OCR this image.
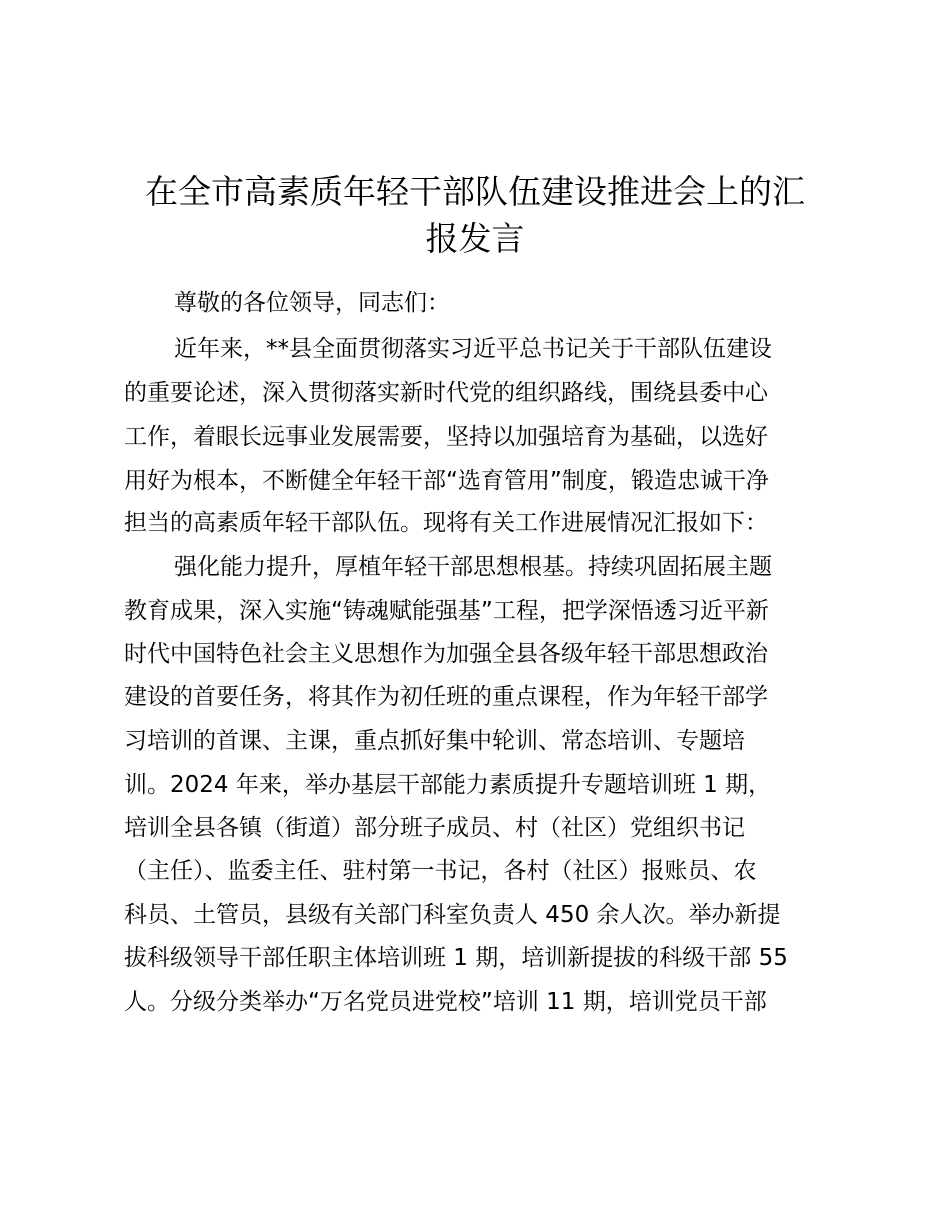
在全市高素质年轻干部队伍建设推进会上的汇
报发言
尊敬的各位领导，同志们：
近年来，**县全面贯彻落实习近平总书记关于干部队伍建设
的重要论述，深入贯彻落实新时代党的组织路线，围绕县委中心
工作，着眼长远事业发展需要，坚持以加强培育为基础，以选好
用好为根本，不断健全年轻干部“选育管用”制度，锻造忠诚干净
担当的高素质年轻干部队伍。现将有关工作进展情况汇报如下：
强化能力提升，厚植年轻干部思想根基。持续巩固拓展主题
教育成果，深入实施“铸魂赋能强基”工程，把学深悟透习近平新
时代中国特色社会主义思想作为加强全县各级年轻干部思想政治
建设的首要任务，将其作为初任班的重点课程，作为年轻干部学
习培训的首课、主课，重点抓好集中轮训、常态培训、专题培
训。2024 年来，举办基层干部能力素质提升专题培训班 1 期，
培训全县各镇（街道）部分班子成员、村（社区）党组织书记
（主任）、监委主任、驻村第一书记，各村（社区）报账员、农
科员、土管员，县级有关部门科室负责人 450 余人次。举办新提
拔科级领导干部任职主体培训班 1 期，培训新提拔的科级干部 55
人。分级分类举办“万名党员进党校”培训 11 期，培训党员干部
